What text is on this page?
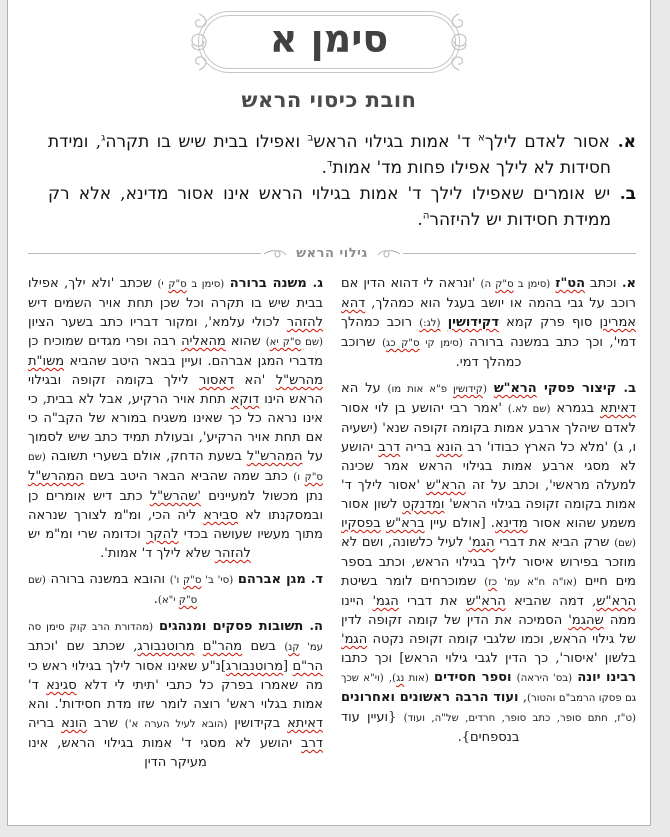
סימן א
חובת כיסוי הראש

א. אסור לאדם לילך$^א$ ד' אמות בגילוי הראש$^ב$ ואפילו בבית שיש בו תקרה$^ג$, ומידת חסידות לא לילך אפילו פחות מד' אמות$^ד$.

ב. יש אומרים שאפילו לילך ד' אמות בגילוי הראש אינו אסור מדינא, אלא רק ממידת חסידות יש להיזהר$^ה$.

גילוי הראש

א. וכתב הט"ז (סימן ב ס"ק ה) 'ונראה לי דהוא הדין אם רוכב על גבי בהמה או יושב בעגל הוא כמהלך, דהא אמרינן סוף פרק קמא דקידושין (לג:) רוכב כמהלך דמי', וכך כתב במשנה ברורה (סימן קי ס"ק כג) שרוכב כמהלך דמי.

ב. קיצור פסקי הרא"ש (קידושין פ"א אות מו) על הא דאיתא בגמרא (שם לא.) 'אמר רבי יהושע בן לוי אסור לאדם שיהלך ארבע אמות בקומה זקופה שנא' (ישעיה ו, ג) 'מלא כל הארץ כבודו' רב הונא בריה דרב יהושע לא מסגי ארבע אמות בגילוי הראש אמר שכינה למעלה מראשי', וכתב על זה הרא"ש 'אסור לילך ד' אמות בקומה זקופה בגילוי הראש' ומדנקט לשון אסור משמע שהוא אסור מדינא. [אולם עיין ברא"ש בפסקיו (שם) שרק הביא את דברי הגמ' לעיל כלשונה, ושם לא מוזכר בפירוש איסור לילך בגילוי הראש, וכתב בספר מים חיים (או"ה ח"א עמ' כז) שמוכרחים לומר בשיטת הרא"ש, דמה שהביא הרא"ש את דברי הגמ' היינו ממה שהגמ' הסמיכה את הדין של קומה זקופה לדין של גילוי הראש, וכמו שלגבי קומה זקופה נקטה הגמ' בלשון 'איסור', כך הדין לגבי גילוי הראש] וכך כתבו רבינו יונה (בס' היראה) וספר חסידים (אות נג), (וי"א שכך גם פסקו הרמב"ם והטור), ועוד הרבה ראשונים ואחרונים (ט"ז, חתם סופר, כתב סופר, חרדים, של"ה, ועוד) {ועיין עוד בנספחים}.

ג. משנה ברורה (סימן ב ס"ק י) שכתב 'ולא ילך, אפילו בבית שיש בו תקרה וכל שכן תחת אויר השמים דיש להזהר לכולי עלמא', ומקור דבריו כתב בשער הציון (שם ס"ק יא) שהוא מהאליה רבה ופרי מגדים שמוכיח כן מדברי המגן אברהם. ועיין בבאר היטב שהביא משו"ת מהרש"ל 'הא דאסור לילך בקומה זקופה ובגילוי הראש הינו דוקא תחת אויר הרקיע, אבל לא בבית, כי אינו נראה כל כך שאינו משגיח במורא של הקב"ה כי אם תחת אויר הרקיע', ובעולת תמיד כתב שיש לסמוך על המהרש"ל בשעת הדחק, אולם בשערי תשובה (שם ס"ק ו) כתב שמה שהביא הבאר היטב בשם המהרש"ל נתן מכשול למעיינים 'שהרש"ל כתב דיש אומרים כן ובמסקנתו לא סבירא ליה הכי, ומ"מ לצורך שנראה מתוך מעשיו שעושה בכדי להקר וכדומה שרי ומ"מ יש להזהר שלא לילך ד' אמות'.

ד. מגן אברהם (סי' ב' ס"ק ו') והובא במשנה ברורה (שם ס"ק י"א).

ה. תשובות פסקים ומנהגים (מהדורת הרב קוק סימן סה עמ' קנ) בשם מהר"ם מרוטנבורג, שכתב שם 'וכתב הר"ם [מרוטנבורג]נ"ע שאינו אסור לילך בגילוי ראש כי מה שאמרו בפרק כל כתבי 'תיתי לי דלא סגינא ד' אמות בגלוי ראש' רוצה לומר שזו מדת חסידות'. והא דאיתא בקידושין (הובא לעיל הערה א') שרב הונא בריה דרב יהושע לא מסגי ד' אמות בגילוי הראש, אינו מעיקר הדין
